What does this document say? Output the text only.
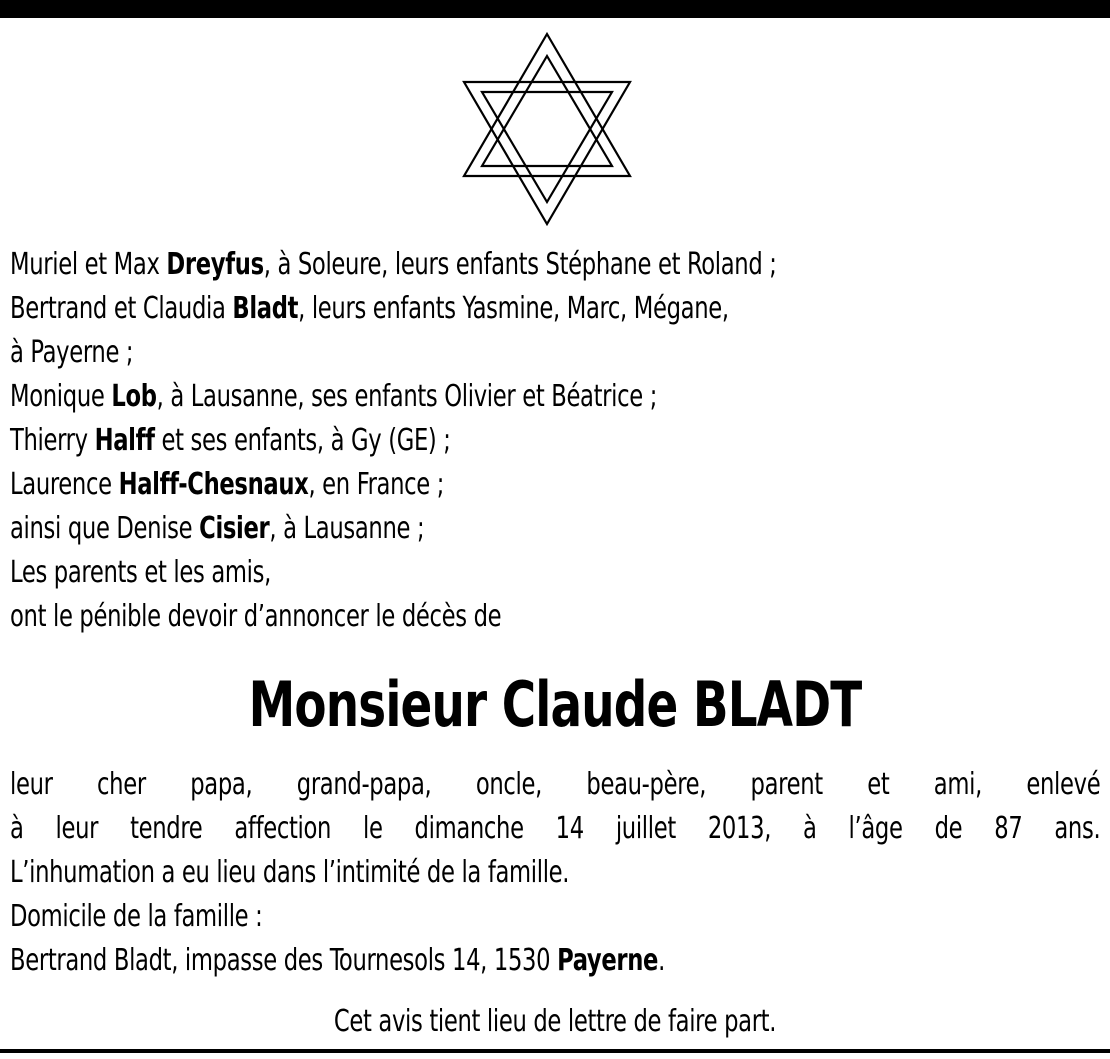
Muriel et Max Dreyfus, à Soleure, leurs enfants Stéphane et Roland ;
Bertrand et Claudia Bladt, leurs enfants Yasmine, Marc, Mégane,
à Payerne ;
Monique Lob, à Lausanne, ses enfants Olivier et Béatrice ;
Thierry Halff et ses enfants, à Gy (GE) ;
Laurence Halff-Chesnaux, en France ;
ainsi que Denise Cisier, à Lausanne ;
Les parents et les amis,
ont le pénible devoir d’annoncer le décès de
Monsieur Claude BLADT
leur cher papa, grand-papa, oncle, beau-père, parent et ami, enlevé
à leur tendre affection le dimanche 14 juillet 2013, à l’âge de 87 ans.
L’inhumation a eu lieu dans l’intimité de la famille.
Domicile de la famille :
Bertrand Bladt, impasse des Tournesols 14, 1530 Payerne.
Cet avis tient lieu de lettre de faire part.
